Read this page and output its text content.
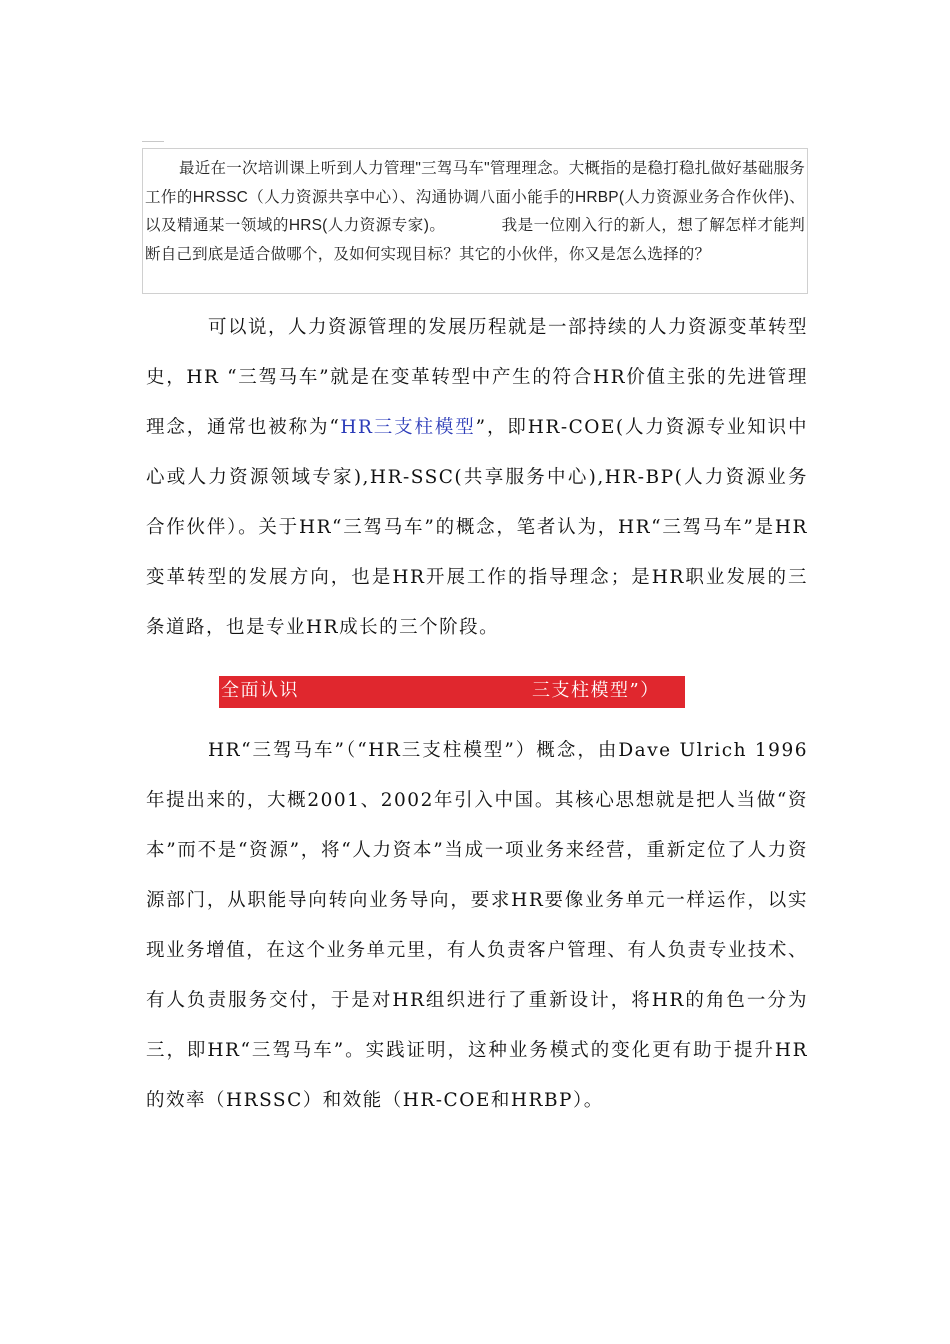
最近在一次培训课上听到人力管理"三驾马车"管理理念。大概指的是稳打稳扎做好基础服务工作的HRSSC（人力资源共享中心）、沟通协调八面小能手的HRBP(人力资源业务合作伙伴)、以及精通某一领域的HRS(人力资源专家)。	我是一位刚入行的新人，想了解怎样才能判断自己到底是适合做哪个，及如何实现目标？其它的小伙伴，你又是怎么选择的？
可以说，人力资源管理的发展历程就是一部持续的人力资源变革转型史，HR “三驾马车”就是在变革转型中产生的符合HR价值主张的先进管理理念，通常也被称为“HR三支柱模型”，即HR-COE(人力资源专业知识中心或人力资源领域专家),HR-SSC(共享服务中心),HR-BP(人力资源业务合作伙伴）。关于HR“三驾马车”的概念，笔者认为，HR“三驾马车”是HR变革转型的发展方向，也是HR开展工作的指导理念；是HR职业发展的三条道路，也是专业HR成长的三个阶段。
全面认识	三支柱模型”）
HR“三驾马车”（“HR三支柱模型”）概念，由Dave Ulrich 1996年提出来的，大概2001、2002年引入中国。其核心思想就是把人当做“资本”而不是“资源”，将“人力资本”当成一项业务来经营，重新定位了人力资源部门，从职能导向转向业务导向，要求HR要像业务单元一样运作，以实现业务增值，在这个业务单元里，有人负责客户管理、有人负责专业技术、有人负责服务交付，于是对HR组织进行了重新设计，将HR的角色一分为三，即HR“三驾马车”。实践证明，这种业务模式的变化更有助于提升HR的效率（HRSSC）和效能（HR-COE和HRBP）。
